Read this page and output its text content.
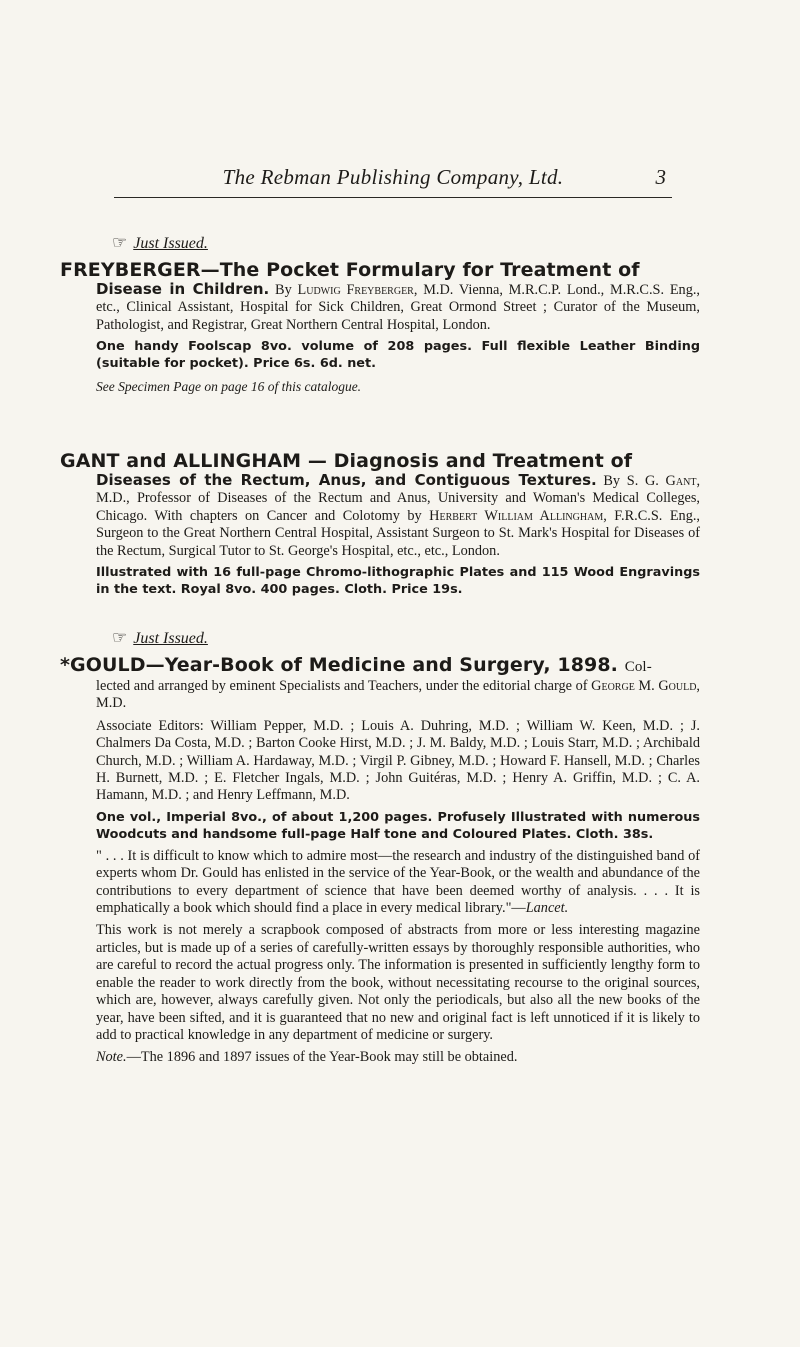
The Rebman Publishing Company, Ltd.	3
☞ Just Issued.

FREYBERGER—The Pocket Formulary for Treatment of

Disease in Children. By Ludwig Freyberger, M.D. Vienna, M.R.C.P. Lond., M.R.C.S. Eng., etc., Clinical Assistant, Hospital for Sick Children, Great Ormond Street ; Curator of the Museum, Pathologist, and Registrar, Great Northern Central Hospital, London.

One handy Foolscap 8vo. volume of 208 pages. Full flexible Leather Binding (suitable for pocket). Price 6s. 6d. net.

See Specimen Page on page 16 of this catalogue.

GANT and ALLINGHAM — Diagnosis and Treatment of

Diseases of the Rectum, Anus, and Contiguous Textures. By S. G. Gant, M.D., Professor of Diseases of the Rectum and Anus, University and Woman's Medical Colleges, Chicago. With chapters on Cancer and Colotomy by Herbert William Allingham, F.R.C.S. Eng., Surgeon to the Great Northern Central Hospital, Assistant Surgeon to St. Mark's Hospital for Diseases of the Rectum, Surgical Tutor to St. George's Hospital, etc., etc., London.

Illustrated with 16 full-page Chromo-lithographic Plates and 115 Wood Engravings in the text. Royal 8vo. 400 pages. Cloth. Price 19s.

☞ Just Issued.

*GOULD—Year-Book of Medicine and Surgery, 1898. Col-

lected and arranged by eminent Specialists and Teachers, under the editorial charge of George M. Gould, M.D.

Associate Editors: William Pepper, M.D. ; Louis A. Duhring, M.D. ; William W. Keen, M.D. ; J. Chalmers Da Costa, M.D. ; Barton Cooke Hirst, M.D. ; J. M. Baldy, M.D. ; Louis Starr, M.D. ; Archibald Church, M.D. ; William A. Hardaway, M.D. ; Virgil P. Gibney, M.D. ; Howard F. Hansell, M.D. ; Charles H. Burnett, M.D. ; E. Fletcher Ingals, M.D. ; John Guitéras, M.D. ; Henry A. Griffin, M.D. ; C. A. Hamann, M.D. ; and Henry Leffmann, M.D.

One vol., Imperial 8vo., of about 1,200 pages. Profusely Illustrated with numerous Woodcuts and handsome full-page Half tone and Coloured Plates. Cloth. 38s.

" . . . It is difficult to know which to admire most—the research and industry of the distinguished band of experts whom Dr. Gould has enlisted in the service of the Year-Book, or the wealth and abundance of the contributions to every department of science that have been deemed worthy of analysis. . . . It is emphatically a book which should find a place in every medical library."—Lancet.

This work is not merely a scrapbook composed of abstracts from more or less interesting magazine articles, but is made up of a series of carefully-written essays by thoroughly responsible authorities, who are careful to record the actual progress only. The information is presented in sufficiently lengthy form to enable the reader to work directly from the book, without necessitating recourse to the original sources, which are, however, always carefully given. Not only the periodicals, but also all the new books of the year, have been sifted, and it is guaranteed that no new and original fact is left unnoticed if it is likely to add to practical knowledge in any department of medicine or surgery.

Note.—The 1896 and 1897 issues of the Year-Book may still be obtained.
